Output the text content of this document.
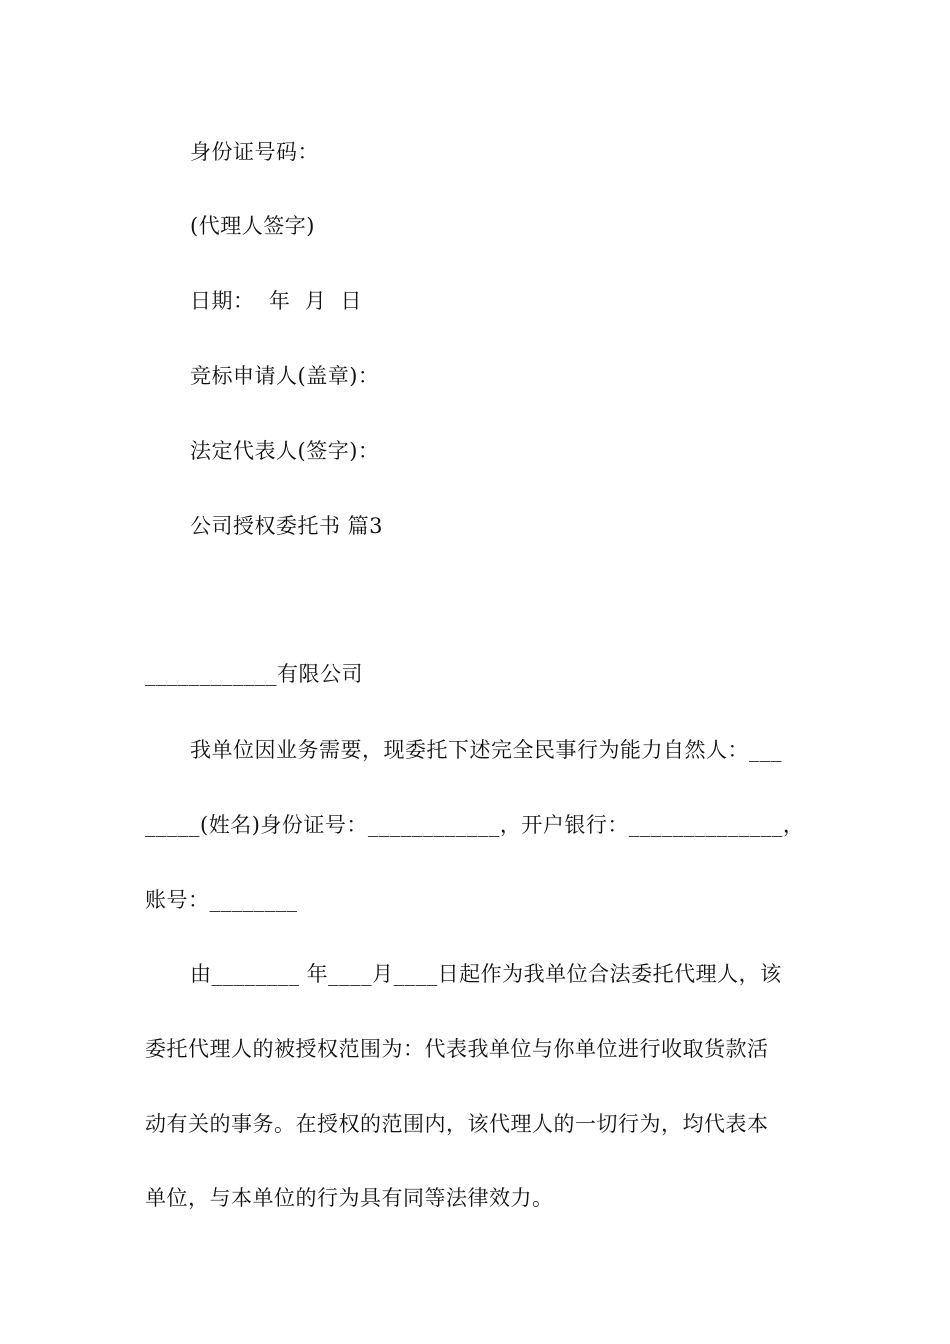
身份证号码：
(代理人签字)
日期：  年  月  日
竞标申请人(盖章)：
法定代表人(签字)：
公司授权委托书 篇3
____________有限公司
我单位因业务需要，现委托下述完全民事行为能力自然人：___
_____(姓名)身份证号：____________，开户银行：______________，
账号：________
由________ 年____月____日起作为我单位合法委托代理人，该
委托代理人的被授权范围为：代表我单位与你单位进行收取货款活
动有关的事务。在授权的范围内，该代理人的一切行为，均代表本
单位，与本单位的行为具有同等法律效力。
